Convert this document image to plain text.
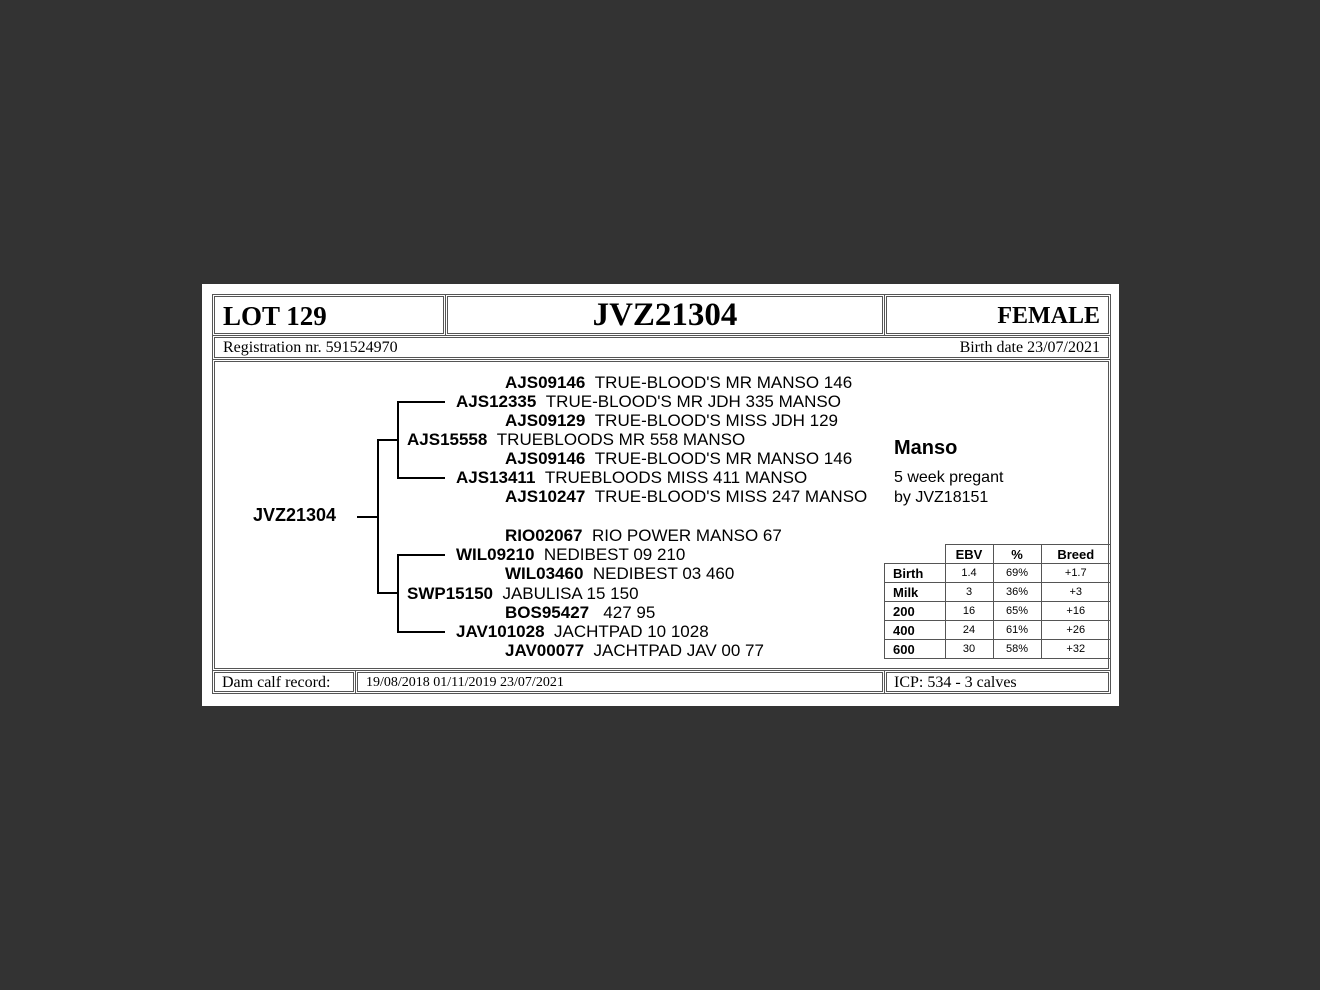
LOT 129	JVZ21304	FEMALE
Registration nr. 591524970	Birth date 23/07/2021
JVZ21304
AJS09146 TRUE-BLOOD'S MR MANSO 146
AJS12335 TRUE-BLOOD'S MR JDH 335 MANSO
AJS09129 TRUE-BLOOD'S MISS JDH 129
AJS15558 TRUEBLOODS MR 558 MANSO
AJS09146 TRUE-BLOOD'S MR MANSO 146
AJS13411 TRUEBLOODS MISS 411 MANSO
AJS10247 TRUE-BLOOD'S MISS 247 MANSO
RIO02067 RIO POWER MANSO 67
WIL09210 NEDIBEST 09 210
WIL03460 NEDIBEST 03 460
SWP15150 JABULISA 15 150
BOS95427   427 95
JAV101028 JACHTPAD 10 1028
JAV00077 JACHTPAD JAV 00 77
Manso
5 week pregant
by JVZ18151
	EBV	%	Breed
Birth	1.4	69%	+1.7
Milk	3	36%	+3
200	16	65%	+16
400	24	61%	+26
600	30	58%	+32
Dam calf record:	19/08/2018 01/11/2019 23/07/2021	ICP: 534 - 3 calves
